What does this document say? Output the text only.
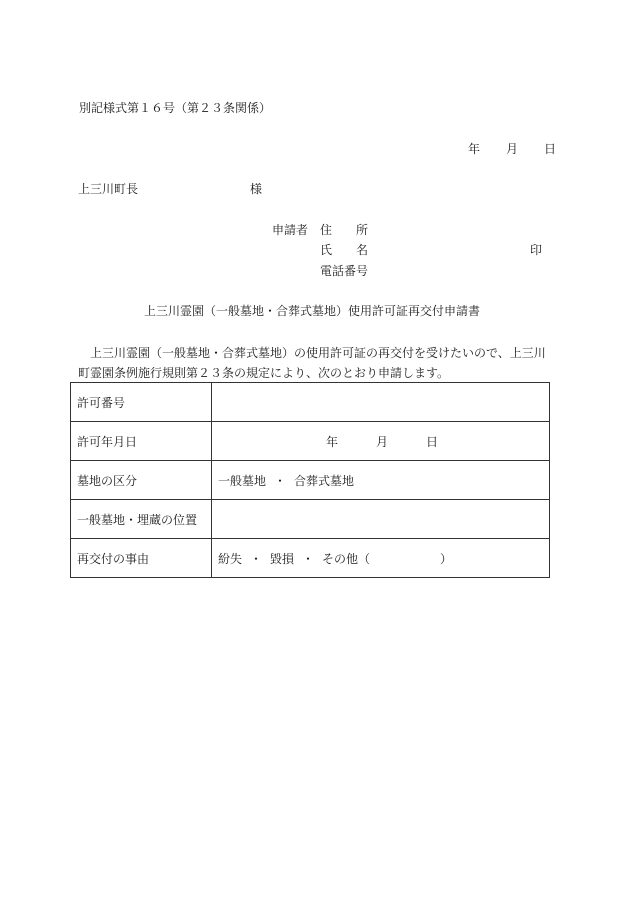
別記様式第１６号（第２３条関係）
年 月 日
上三川町長	様
申請者 住　　所
氏　　名	印
電話番号
上三川霊園（一般墓地・合葬式墓地）使用許可証再交付申請書
　上三川霊園（一般墓地・合葬式墓地）の使用許可証の再交付を受けたいので、上三川
町霊園条例施行規則第２３条の規定により、次のとおり申請します。
許可番号	
許可年月日	年 月 日
墓地の区分	一般墓地 ・ 合葬式墓地
一般墓地・埋蔵の位置	
再交付の事由	紛失 ・ 毀損 ・ その他（ ）
